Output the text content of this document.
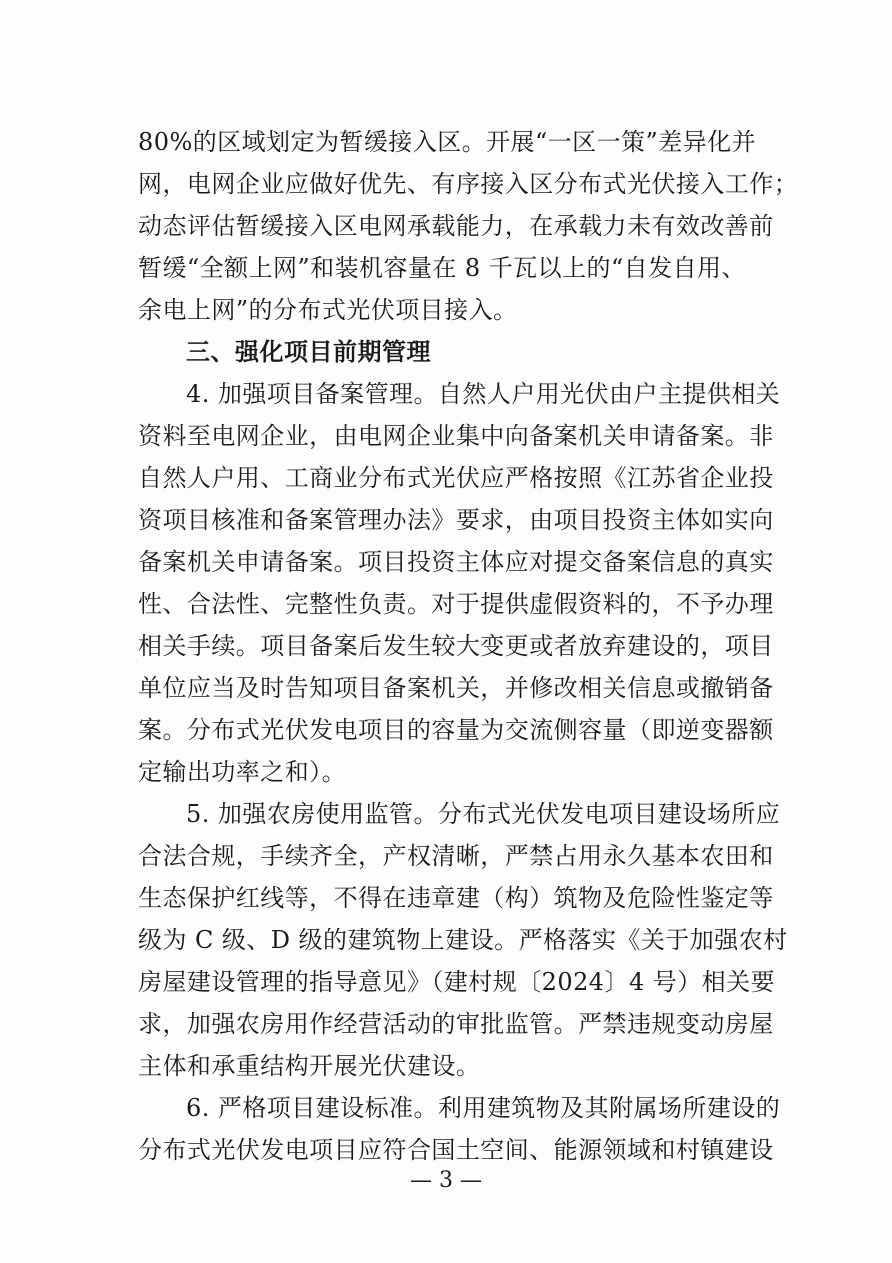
80%的区域划定为暂缓接入区。开展“一区一策”差异化并
网，电网企业应做好优先、有序接入区分布式光伏接入工作；
动态评估暂缓接入区电网承载能力，在承载力未有效改善前
暂缓“全额上网”和装机容量在 8 千瓦以上的“自发自用、
余电上网”的分布式光伏项目接入。
三、强化项目前期管理
4. 加强项目备案管理。自然人户用光伏由户主提供相关
资料至电网企业，由电网企业集中向备案机关申请备案。非
自然人户用、工商业分布式光伏应严格按照《江苏省企业投
资项目核准和备案管理办法》要求，由项目投资主体如实向
备案机关申请备案。项目投资主体应对提交备案信息的真实
性、合法性、完整性负责。对于提供虚假资料的，不予办理
相关手续。项目备案后发生较大变更或者放弃建设的，项目
单位应当及时告知项目备案机关，并修改相关信息或撤销备
案。分布式光伏发电项目的容量为交流侧容量（即逆变器额
定输出功率之和）。
5. 加强农房使用监管。分布式光伏发电项目建设场所应
合法合规，手续齐全，产权清晰，严禁占用永久基本农田和
生态保护红线等，不得在违章建（构）筑物及危险性鉴定等
级为 C 级、D 级的建筑物上建设。严格落实《关于加强农村
房屋建设管理的指导意见》（建村规〔2024〕4 号）相关要
求，加强农房用作经营活动的审批监管。严禁违规变动房屋
主体和承重结构开展光伏建设。
6. 严格项目建设标准。利用建筑物及其附属场所建设的
分布式光伏发电项目应符合国土空间、能源领域和村镇建设
— 3 —
